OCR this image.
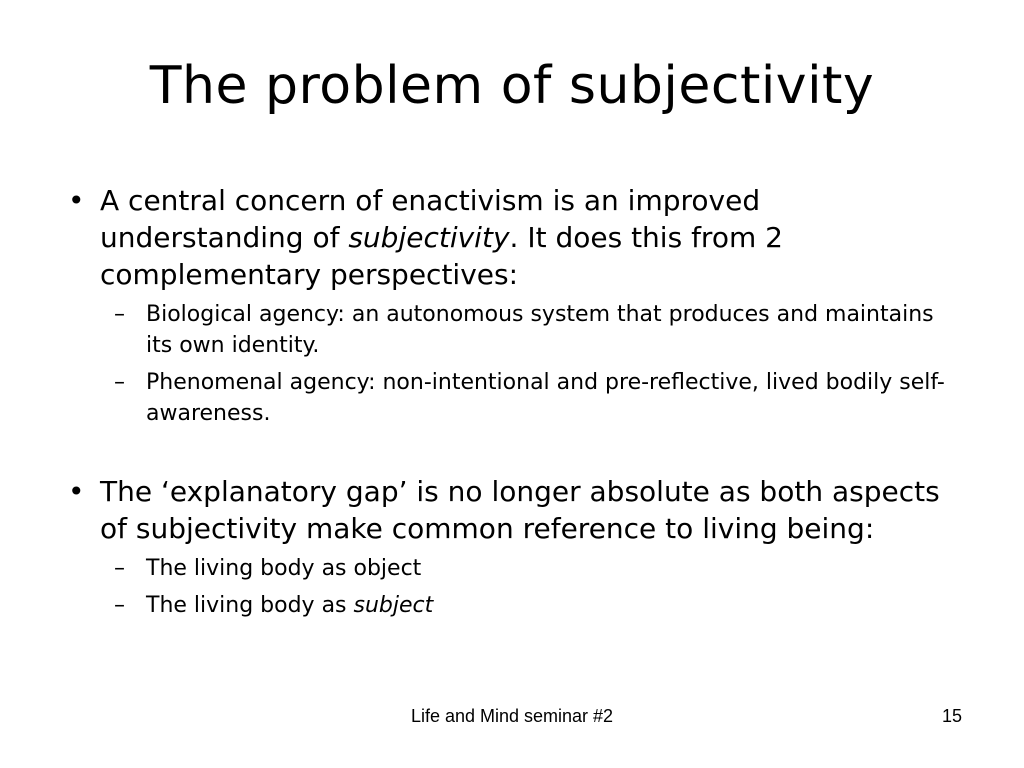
The problem of subjectivity
• A central concern of enactivism is an improved understanding of subjectivity. It does this from 2 complementary perspectives:
– Biological agency: an autonomous system that produces and maintains its own identity.
– Phenomenal agency: non-intentional and pre-reflective, lived bodily self-awareness.
• The ‘explanatory gap’ is no longer absolute as both aspects of subjectivity make common reference to living being:
– The living body as object
– The living body as subject
Life and Mind seminar #2	15
